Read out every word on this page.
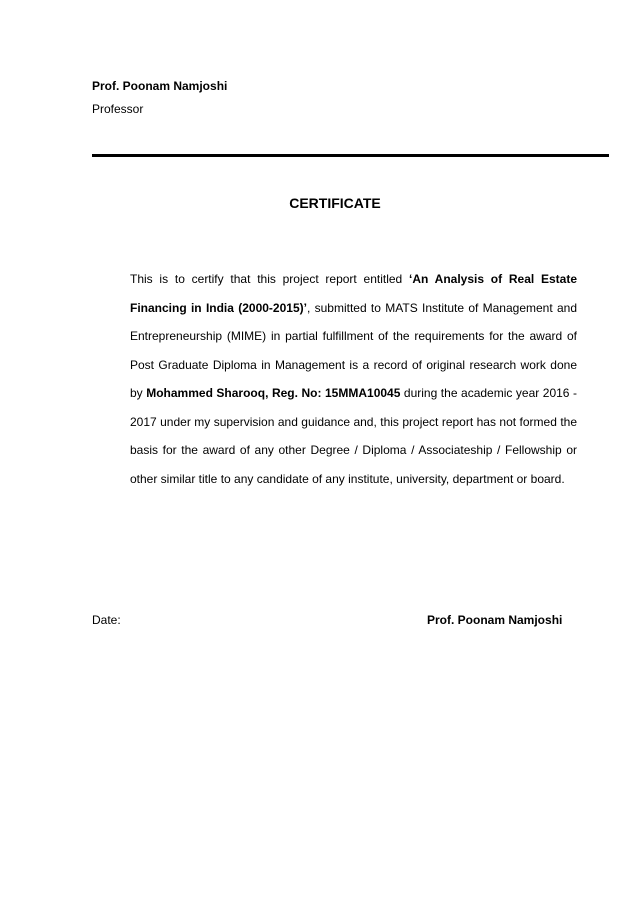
Prof. Poonam Namjoshi
Professor
CERTIFICATE
This is to certify that this project report entitled ‘An Analysis of Real Estate Financing in India (2000-2015)’, submitted to MATS Institute of Management and Entrepreneurship (MIME) in partial fulfillment of the requirements for the award of Post Graduate Diploma in Management is a record of original research work done by Mohammed Sharooq, Reg. No: 15MMA10045 during the academic year 2016 - 2017 under my supervision and guidance and, this project report has not formed the basis for the award of any other Degree / Diploma / Associateship / Fellowship or other similar title to any candidate of any institute, university, department or board.
Date:	Prof. Poonam Namjoshi
